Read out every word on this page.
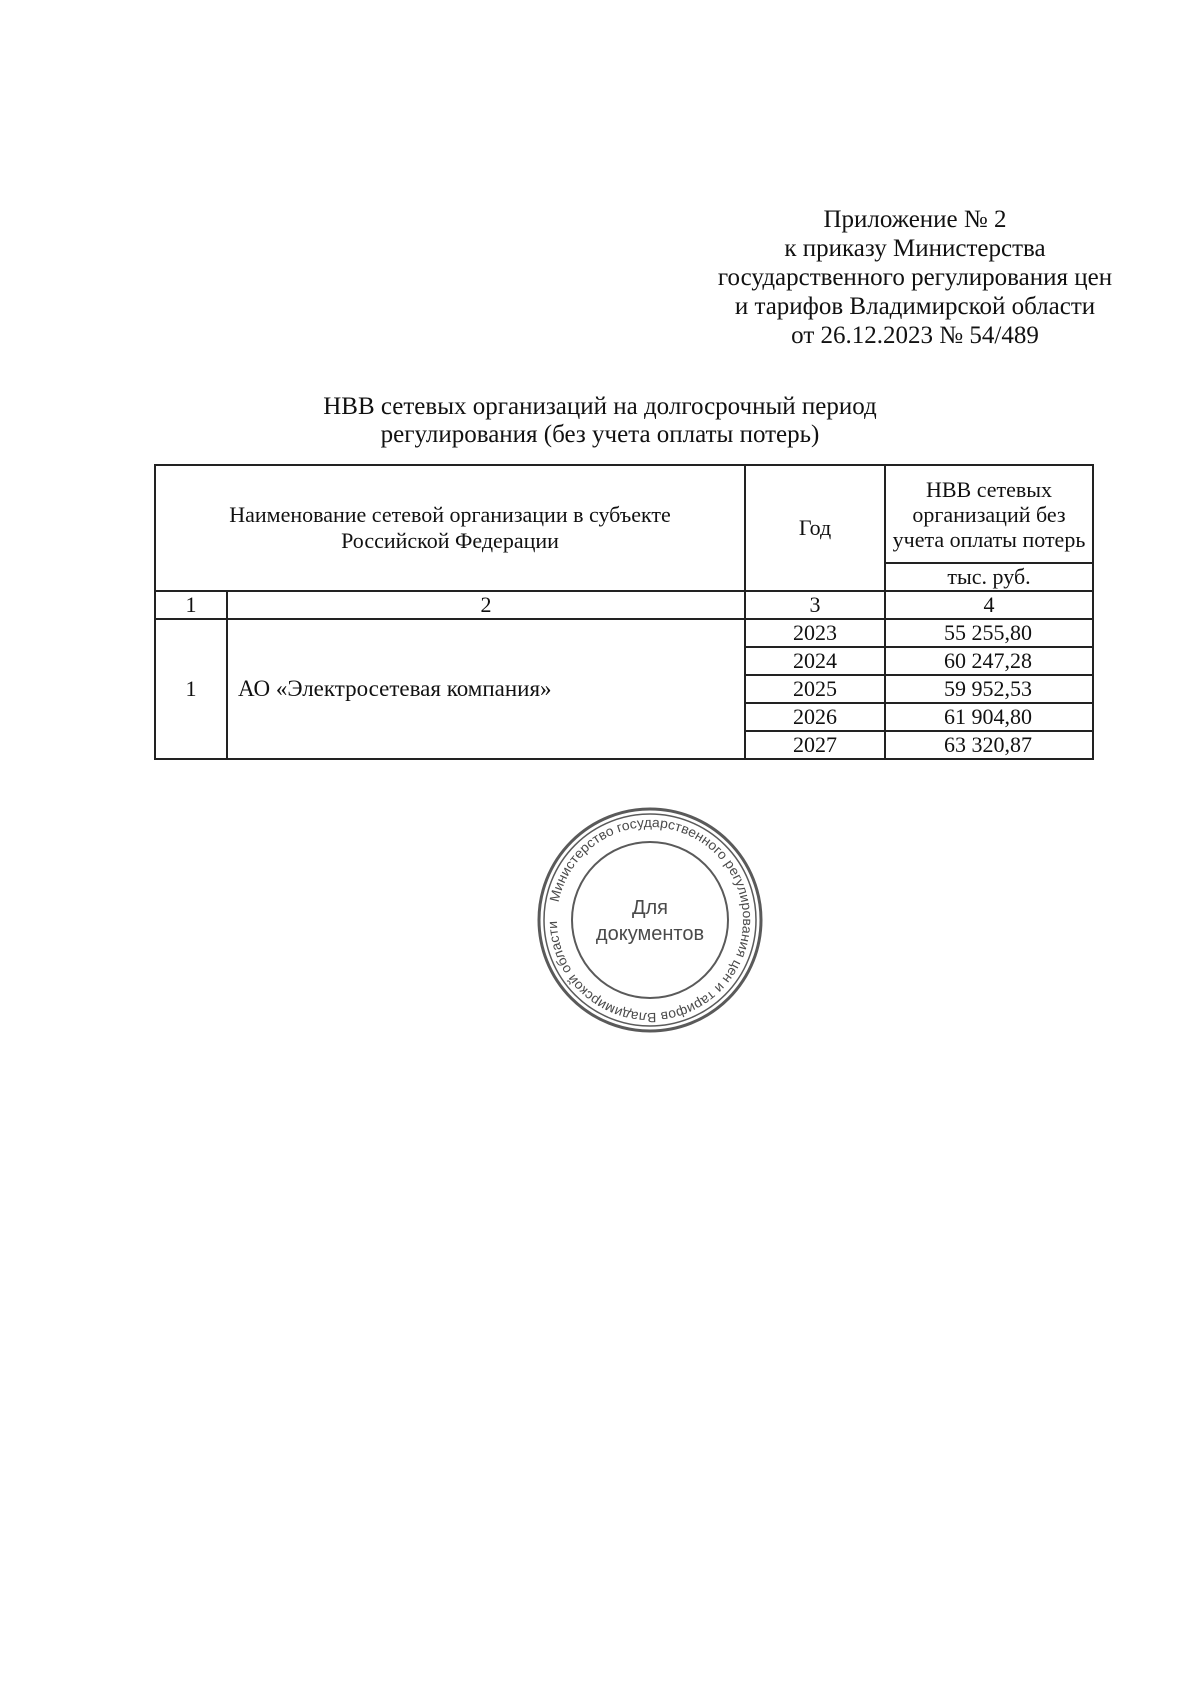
Приложение № 2
к приказу Министерства
государственного регулирования цен
и тарифов Владимирской области
от 26.12.2023 № 54/489
НВВ сетевых организаций на долгосрочный период
регулирования (без учета оплаты потерь)
Наименование сетевой организации в субъекте Российской Федерации		Год	НВВ сетевых организаций без учета оплаты потерь
			тыс. руб.
1	2	3	4
1	АО «Электросетевая компания»	2023	55 255,80
		2024	60 247,28
		2025	59 952,53
		2026	61 904,80
		2027	63 320,87
Министерство государственного регулирования цен и тарифов Владимирской области
Для
документов
